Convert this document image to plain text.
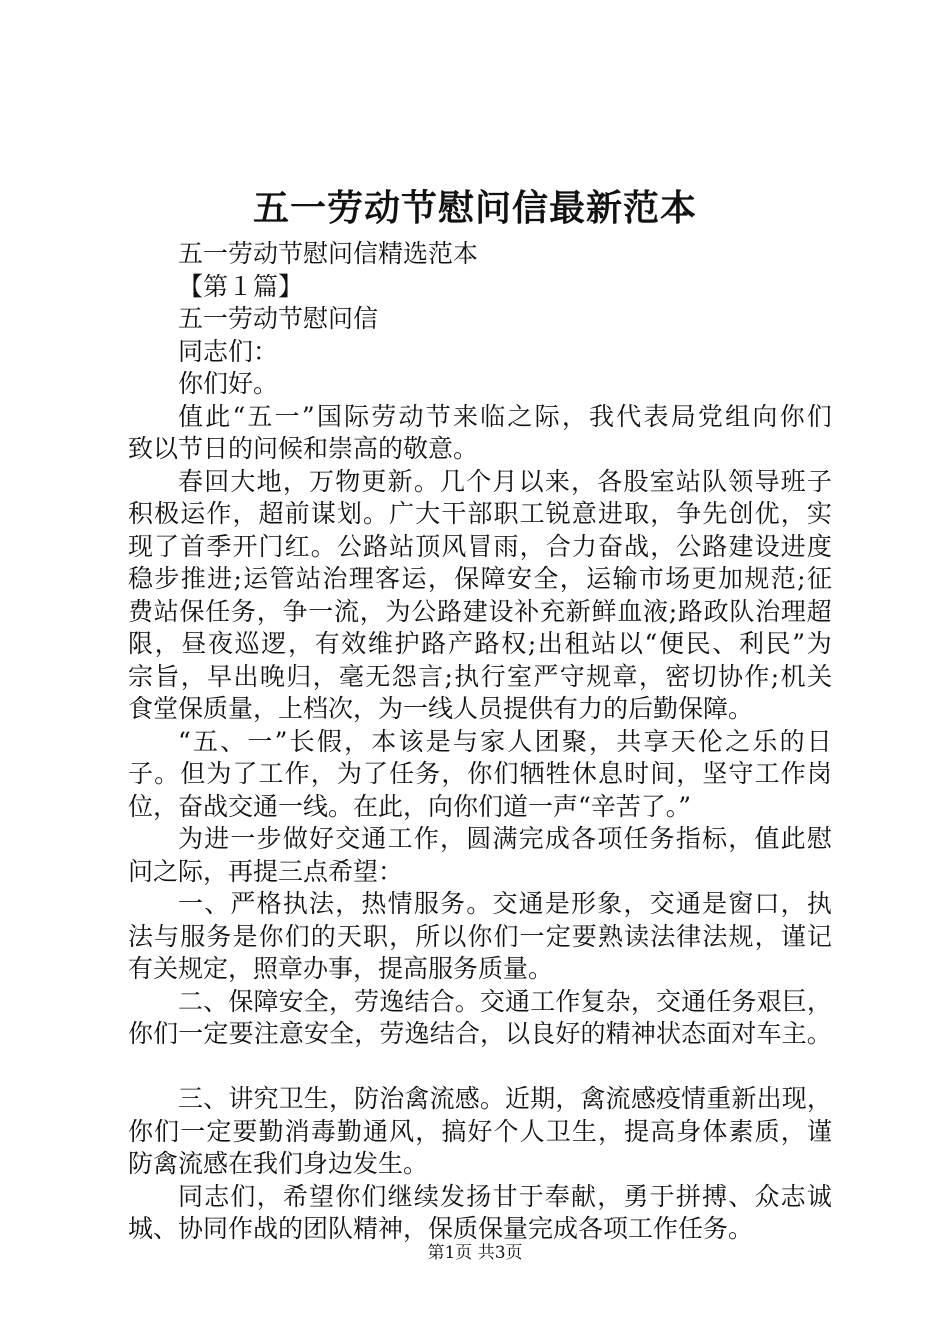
五一劳动节慰问信最新范本
五一劳动节慰问信精选范本
【第１篇】
五一劳动节慰问信
同志们：
你们好。
值 此 “ 五 一 ” 国 际 劳 动 节 来 临 之 际 ， 我 代 表 局 党 组 向 你 们
致以节日的问候和崇高的敬意。
春 回 大 地 ， 万 物 更 新 。 几 个 月 以 来 ， 各 股 室 站 队 领 导 班 子
积 极 运 作 ， 超 前 谋 划 。 广 大 干 部 职 工 锐 意 进 取 ， 争 先 创 优 ， 实
现 了 首 季 开 门 红 。 公 路 站 顶 风 冒 雨 ， 合 力 奋 战 ， 公 路 建 设 进 度
稳 步 推 进 ; 运 管 站 治 理 客 运 ， 保 障 安 全 ， 运 输 市 场 更 加 规 范 ; 征
费 站 保 任 务 ， 争 一 流 ， 为 公 路 建 设 补 充 新 鲜 血 液 ; 路 政 队 治 理 超
限 ， 昼 夜 巡 逻 ， 有 效 维 护 路 产 路 权 ; 出 租 站 以 “ 便 民 、 利 民 ” 为
宗 旨 ， 早 出 晚 归 ， 毫 无 怨 言 ; 执 行 室 严 守 规 章 ， 密 切 协 作 ; 机 关
食堂保质量，上档次，为一线人员提供有力的后勤保障。
“ 五 、 一 ” 长 假 ， 本 该 是 与 家 人 团 聚 ， 共 享 天 伦 之 乐 的 日
子 。 但 为 了 工 作 ， 为 了 任 务 ， 你 们 牺 牲 休 息 时 间 ， 坚 守 工 作 岗
位，奋战交通一线。在此，向你们道一声“辛苦了。”
为 进 一 步 做 好 交 通 工 作 ， 圆 满 完 成 各 项 任 务 指 标 ， 值 此 慰
问之际，再提三点希望：
一 、 严 格 执 法 ， 热 情 服 务 。 交 通 是 形 象 ， 交 通 是 窗 口 ， 执
法 与 服 务 是 你 们 的 天 职 ， 所 以 你 们 一 定 要 熟 读 法 律 法 规 ， 谨 记
有关规定，照章办事，提高服务质量。
二 、 保 障 安 全 ， 劳 逸 结 合 。 交 通 工 作 复 杂 ， 交 通 任 务 艰 巨 ，
你 们 一 定 要 注 意 安 全 ， 劳 逸 结 合 ， 以 良 好 的 精 神 状 态 面 对 车 主 。
三 、 讲 究 卫 生 ， 防 治 禽 流 感 。 近 期 ， 禽 流 感 疫 情 重 新 出 现 ，
你 们 一 定 要 勤 消 毒 勤 通 风 ， 搞 好 个 人 卫 生 ， 提 高 身 体 素 质 ， 谨
防禽流感在我们身边发生。
同 志 们 ， 希 望 你 们 继 续 发 扬 甘 于 奉 献 ， 勇 于 拼 搏 、 众 志 诚
城、协同作战的团队精神，保质保量完成各项工作任务。
第1页 共3页
